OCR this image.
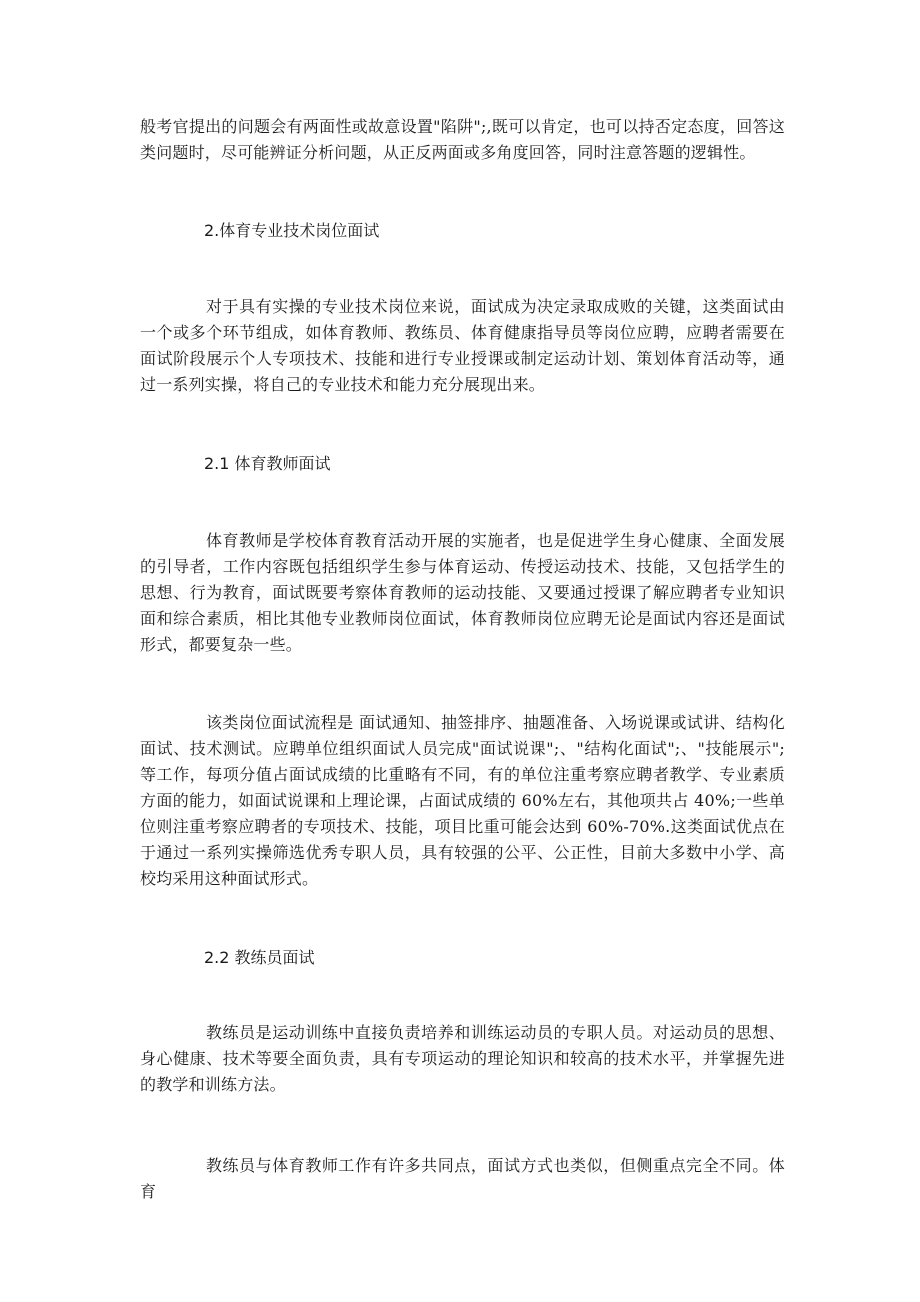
般考官提出的问题会有两面性或故意设置"陷阱";,既可以肯定，也可以持否定态度，回答这类问题时，尽可能辨证分析问题，从正反两面或多角度回答，同时注意答题的逻辑性。

2.体育专业技术岗位面试

对于具有实操的专业技术岗位来说，面试成为决定录取成败的关键，这类面试由一个或多个环节组成，如体育教师、教练员、体育健康指导员等岗位应聘，应聘者需要在面试阶段展示个人专项技术、技能和进行专业授课或制定运动计划、策划体育活动等，通过一系列实操，将自己的专业技术和能力充分展现出来。

2.1 体育教师面试

体育教师是学校体育教育活动开展的实施者，也是促进学生身心健康、全面发展的引导者，工作内容既包括组织学生参与体育运动、传授运动技术、技能，又包括学生的思想、行为教育，面试既要考察体育教师的运动技能、又要通过授课了解应聘者专业知识面和综合素质，相比其他专业教师岗位面试，体育教师岗位应聘无论是面试内容还是面试形式，都要复杂一些。

该类岗位面试流程是 面试通知、抽签排序、抽题准备、入场说课或试讲、结构化面试、技术测试。应聘单位组织面试人员完成"面试说课";、"结构化面试";、"技能展示";等工作，每项分值占面试成绩的比重略有不同，有的单位注重考察应聘者教学、专业素质方面的能力，如面试说课和上理论课，占面试成绩的 60%左右，其他项共占 40%;一些单位则注重考察应聘者的专项技术、技能，项目比重可能会达到 60%-70%.这类面试优点在于通过一系列实操筛选优秀专职人员，具有较强的公平、公正性，目前大多数中小学、高校均采用这种面试形式。

2.2 教练员面试

教练员是运动训练中直接负责培养和训练运动员的专职人员。对运动员的思想、身心健康、技术等要全面负责，具有专项运动的理论知识和较高的技术水平，并掌握先进的教学和训练方法。

教练员与体育教师工作有许多共同点，面试方式也类似，但侧重点完全不同。体育
